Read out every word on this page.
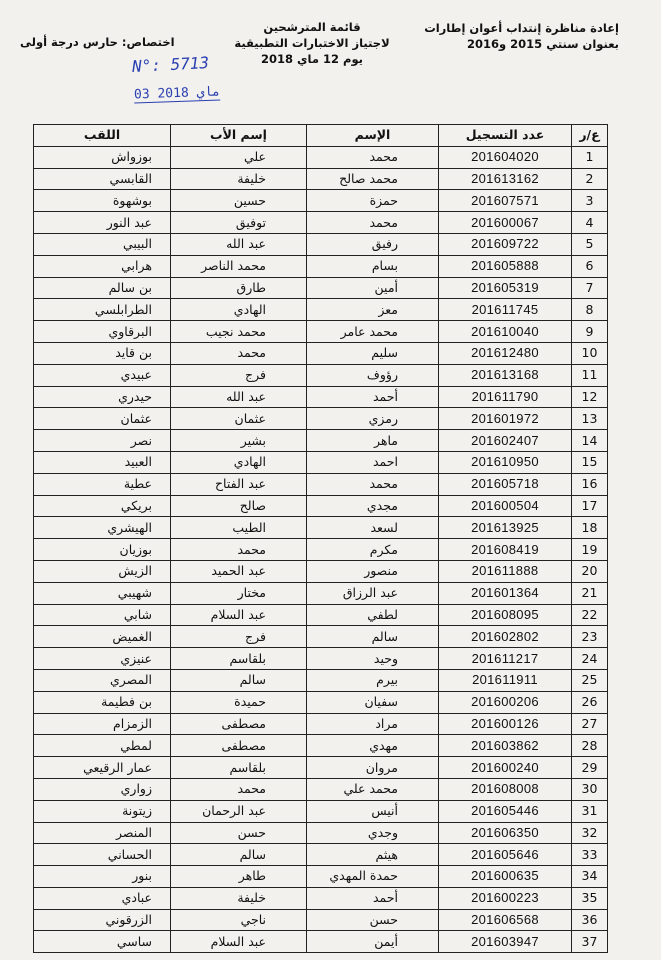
إعادة مناظرة إنتداب أعوان إطارات
بعنوان سنتي 2015 و2016
قائمة المترشحين
لاجتياز الاختبارات التطبيقية
يوم 12 ماي 2018
اختصاص: حارس درجة أولى
N°: 5713
03 ماي 2018
ع/ر	عدد التسجيل	الإسم	إسم الأب	اللقب
1	201604020	محمد	علي	بوزواش
2	201613162	محمد صالح	خليفة	القابسي
3	201607571	حمزة	حسين	بوشهوة
4	201600067	محمد	توفيق	عبد النور
5	201609722	رفيق	عبد الله	البيبي
6	201605888	بسام	محمد الناصر	هرابي
7	201605319	أمين	طارق	بن سالم
8	201611745	معز	الهادي	الطرابلسي
9	201610040	محمد عامر	محمد نجيب	البرقاوي
10	201612480	سليم	محمد	بن قايد
11	201613168	رؤوف	فرج	عبيدي
12	201611790	أحمد	عبد الله	حيدري
13	201601972	رمزي	عثمان	عثمان
14	201602407	ماهر	بشير	نصر
15	201610950	احمد	الهادي	العبيد
16	201605718	محمد	عبد الفتاح	عطية
17	201600504	مجدي	صالح	بريكي
18	201613925	لسعد	الطيب	الهيشري
19	201608419	مكرم	محمد	بوزيان
20	201611888	منصور	عبد الحميد	الزيش
21	201601364	عبد الرزاق	مختار	شهيبي
22	201608095	لطفي	عبد السلام	شابي
23	201602802	سالم	فرج	الغميض
24	201611217	وحيد	بلقاسم	عنيزي
25	201611911	بيرم	سالم	المصري
26	201600206	سفيان	حميدة	بن فطيمة
27	201600126	مراد	مصطفى	الزمزام
28	201603862	مهدي	مصطفى	لمطي
29	201600240	مروان	بلقاسم	عمار الرقيعي
30	201608008	محمد علي	محمد	زواري
31	201605446	أنيس	عبد الرحمان	زيتونة
32	201606350	وجدي	حسن	المنصر
33	201605646	هيثم	سالم	الحساني
34	201600635	حمدة المهدي	طاهر	بنور
35	201600223	أحمد	خليفة	عبادي
36	201606568	حسن	ناجي	الزرقوني
37	201603947	أيمن	عبد السلام	ساسي
